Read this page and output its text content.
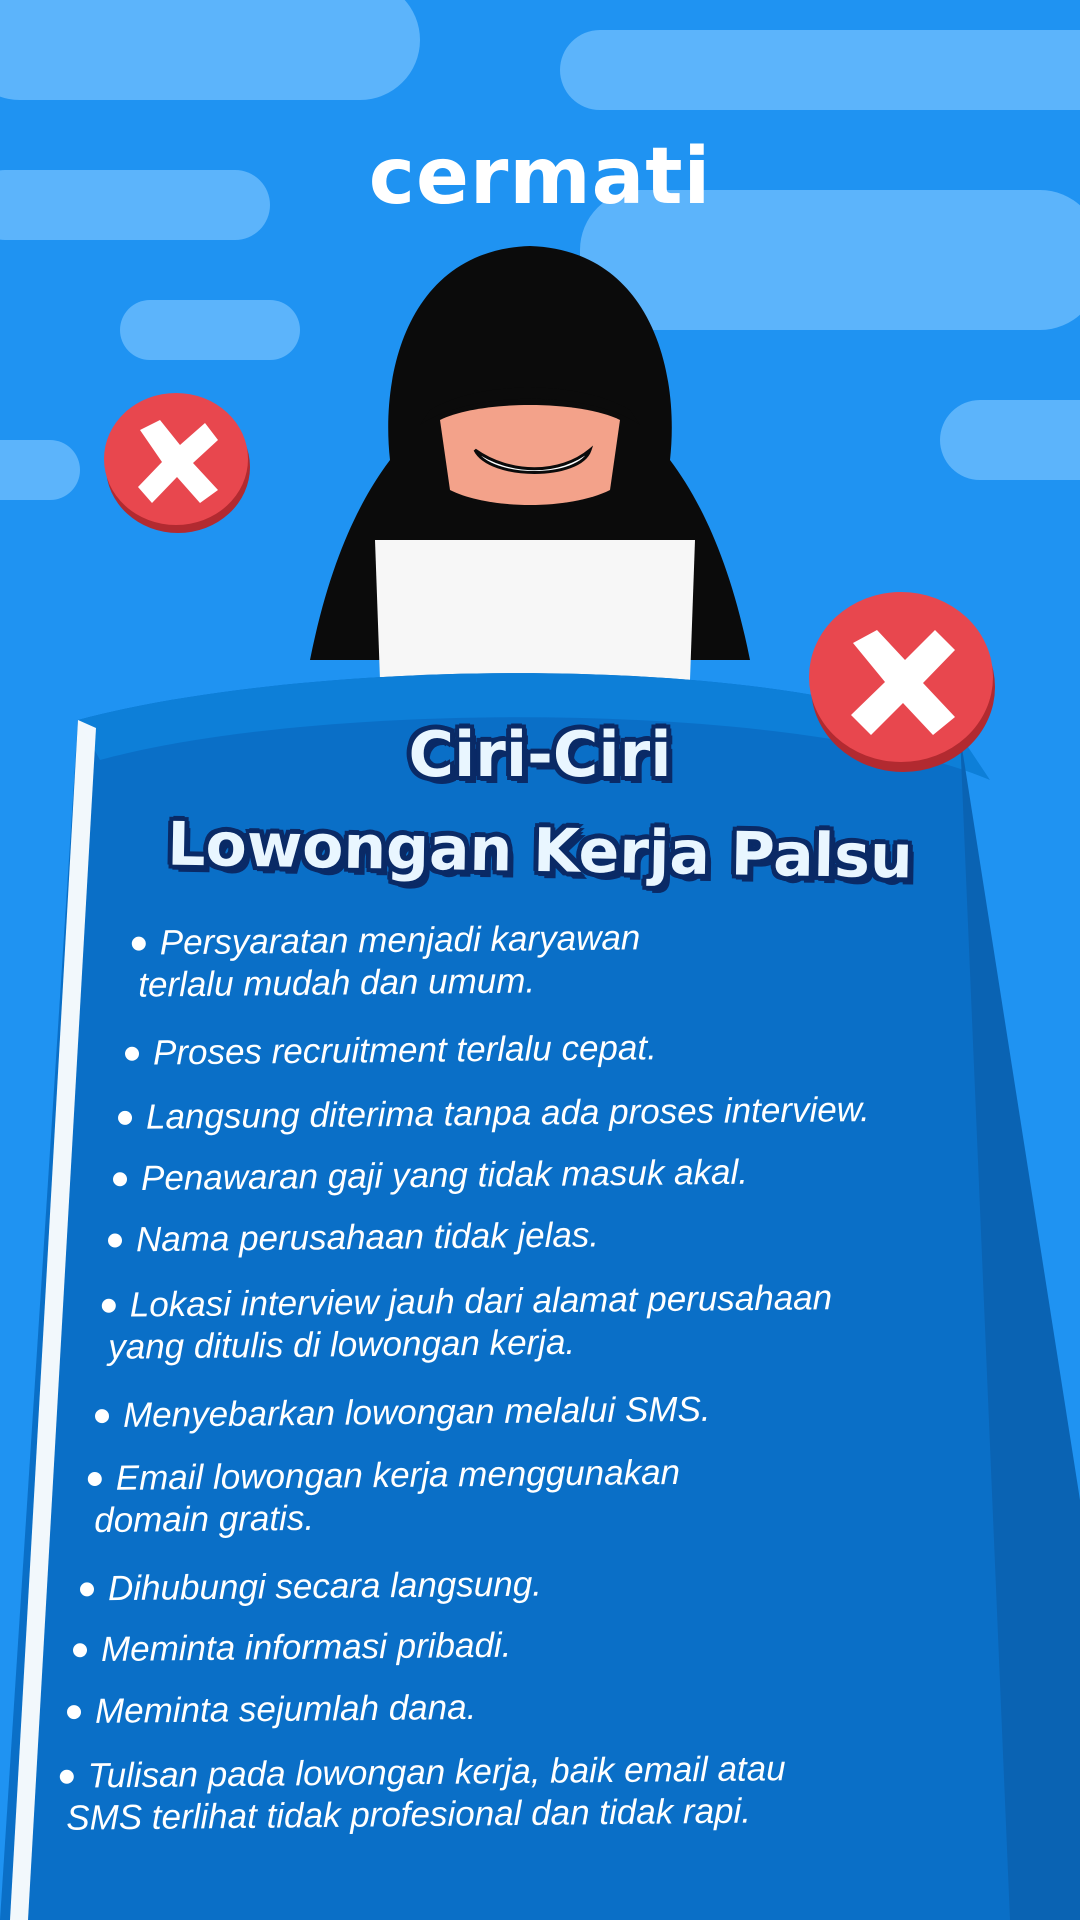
cermati
Ciri-Ciri
Lowongan Kerja Palsu
Persyaratan menjadi karyawan
terlalu mudah dan umum.
Proses recruitment terlalu cepat.
Langsung diterima tanpa ada proses interview.
Penawaran gaji yang tidak masuk akal.
Nama perusahaan tidak jelas.
Lokasi interview jauh dari alamat perusahaan
yang ditulis di lowongan kerja.
Menyebarkan lowongan melalui SMS.
Email lowongan kerja menggunakan
domain gratis.
Dihubungi secara langsung.
Meminta informasi pribadi.
Meminta sejumlah dana.
Tulisan pada lowongan kerja, baik email atau
SMS terlihat tidak profesional dan tidak rapi.
